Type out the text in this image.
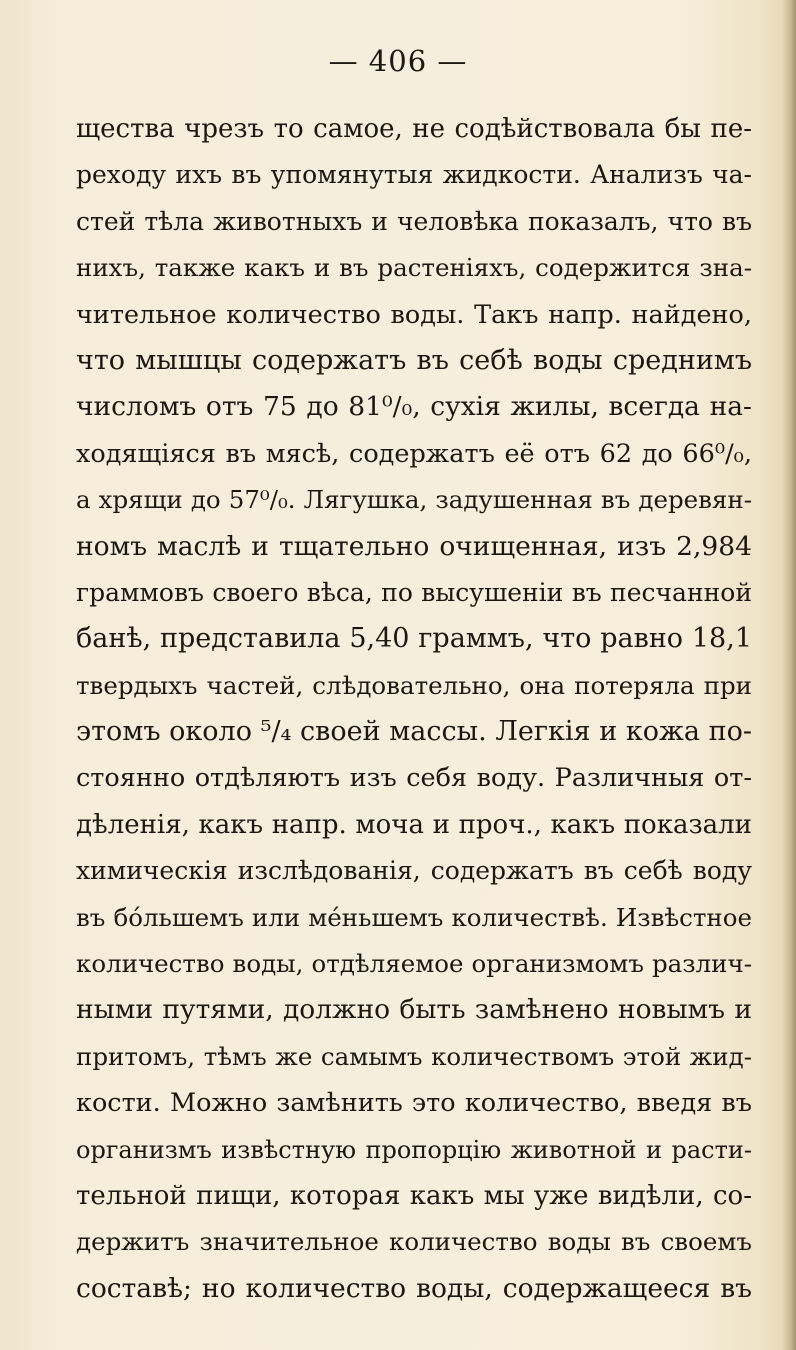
— 406 —
щества чрезъ то самое, не содѣйствовала бы пе-
реходу ихъ въ упомянутыя жидкости. Анализъ ча-
стей тѣла животныхъ и человѣка показалъ, что въ
нихъ, также какъ и въ растеніяхъ, содержится зна-
чительное количество воды. Такъ напр. найдено,
что мышцы содержатъ въ себѣ воды среднимъ
числомъ отъ 75 до 81⁰/₀, сухія жилы, всегда на-
ходящіяся въ мясѣ, содержатъ её отъ 62 до 66⁰/₀,
а хрящи до 57⁰/₀. Лягушка, задушенная въ деревян-
номъ маслѣ и тщательно очищенная, изъ 2,984
граммовъ своего вѣса, по высушеніи въ песчанной
банѣ, представила 5,40 граммъ, что равно 18,1
твердыхъ частей, слѣдовательно, она потеряла при
этомъ около ⁵/₄ своей массы. Легкія и кожа по-
стоянно отдѣляютъ изъ себя воду. Различныя от-
дѣленія, какъ напр. моча и проч., какъ показали
химическія изслѣдованія, содержатъ въ себѣ воду
въ бо́льшемъ или ме́ньшемъ количествѣ. Извѣстное
количество воды, отдѣляемое организмомъ различ-
ными путями, должно быть замѣнено новымъ и
притомъ, тѣмъ же самымъ количествомъ этой жид-
кости. Можно замѣнить это количество, введя въ
организмъ извѣстную пропорцію животной и расти-
тельной пищи, которая какъ мы уже видѣли, со-
держитъ значительное количество воды въ своемъ
составѣ; но количество воды, содержащееся въ
